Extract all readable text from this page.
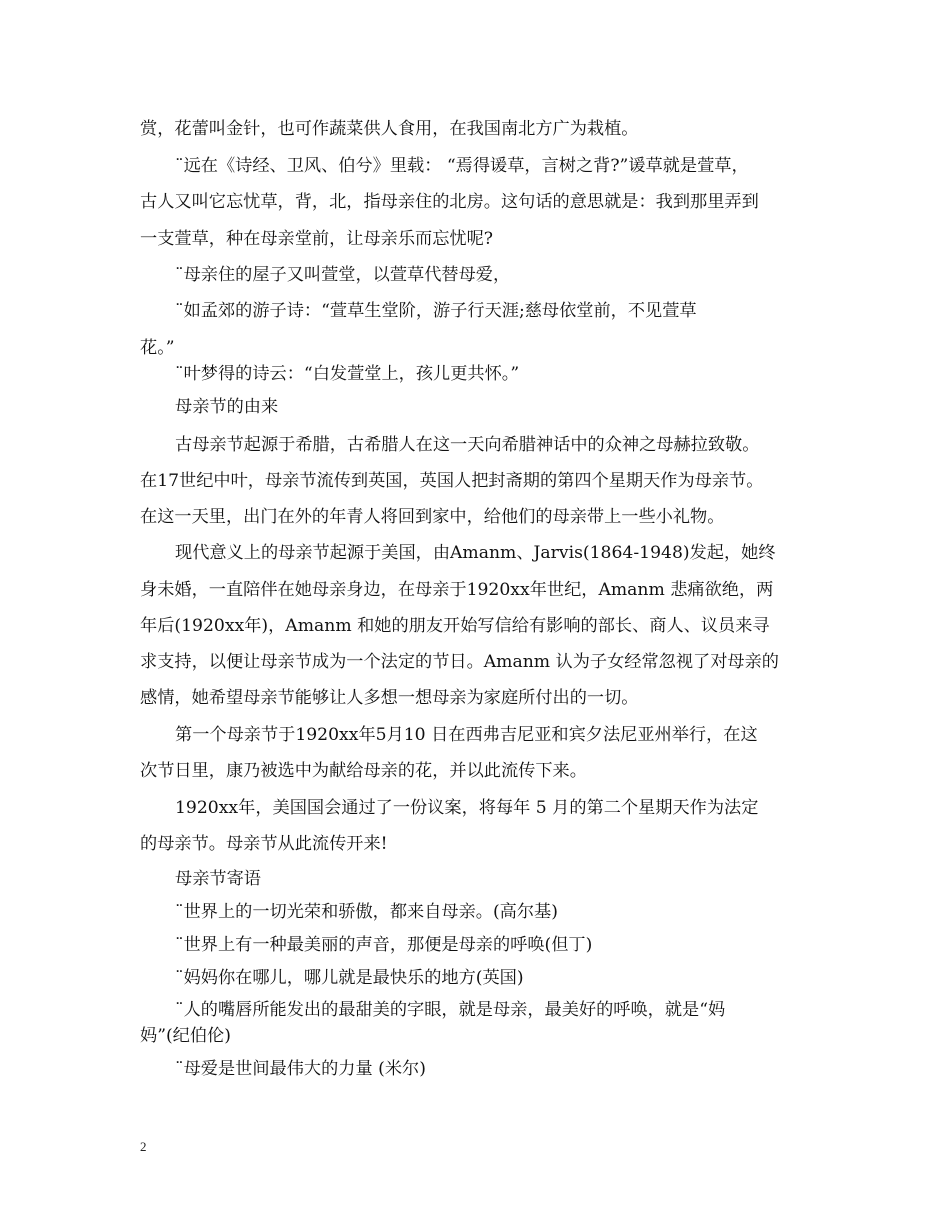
赏，花蕾叫金针，也可作蔬菜供人食用，在我国南北方广为栽植。
¨远在《诗经、卫风、伯兮》里载： “焉得谖草，言树之背?”谖草就是萱草，
古人又叫它忘忧草，背，北，指母亲住的北房。这句话的意思就是：我到那里弄到
一支萱草，种在母亲堂前，让母亲乐而忘忧呢?
¨母亲住的屋子又叫萱堂，以萱草代替母爱，
¨如孟郊的游子诗：“萱草生堂阶，游子行天涯;慈母依堂前，不见萱草
花。”
¨叶梦得的诗云：“白发萱堂上，孩儿更共怀。”
母亲节的由来
古母亲节起源于希腊，古希腊人在这一天向希腊神话中的众神之母赫拉致敬。
在17世纪中叶，母亲节流传到英国，英国人把封斋期的第四个星期天作为母亲节。
在这一天里，出门在外的年青人将回到家中，给他们的母亲带上一些小礼物。
现代意义上的母亲节起源于美国，由Amanm、Jarvis(1864-1948)发起，她终
身未婚，一直陪伴在她母亲身边，在母亲于1920xx年世纪，Amanm 悲痛欲绝，两
年后(1920xx年)，Amanm 和她的朋友开始写信给有影响的部长、商人、议员来寻
求支持，以便让母亲节成为一个法定的节日。Amanm 认为子女经常忽视了对母亲的
感情，她希望母亲节能够让人多想一想母亲为家庭所付出的一切。
第一个母亲节于1920xx年5月10 日在西弗吉尼亚和宾夕法尼亚州举行，在这
次节日里，康乃被选中为献给母亲的花，并以此流传下来。
1920xx年，美国国会通过了一份议案，将每年 5 月的第二个星期天作为法定
的母亲节。母亲节从此流传开来!
母亲节寄语
¨世界上的一切光荣和骄傲，都来自母亲。(高尔基)
¨世界上有一种最美丽的声音，那便是母亲的呼唤(但丁)
¨妈妈你在哪儿，哪儿就是最快乐的地方(英国)
¨人的嘴唇所能发出的最甜美的字眼，就是母亲，最美好的呼唤，就是“妈
妈”(纪伯伦)
¨母爱是世间最伟大的力量 (米尔)
2
